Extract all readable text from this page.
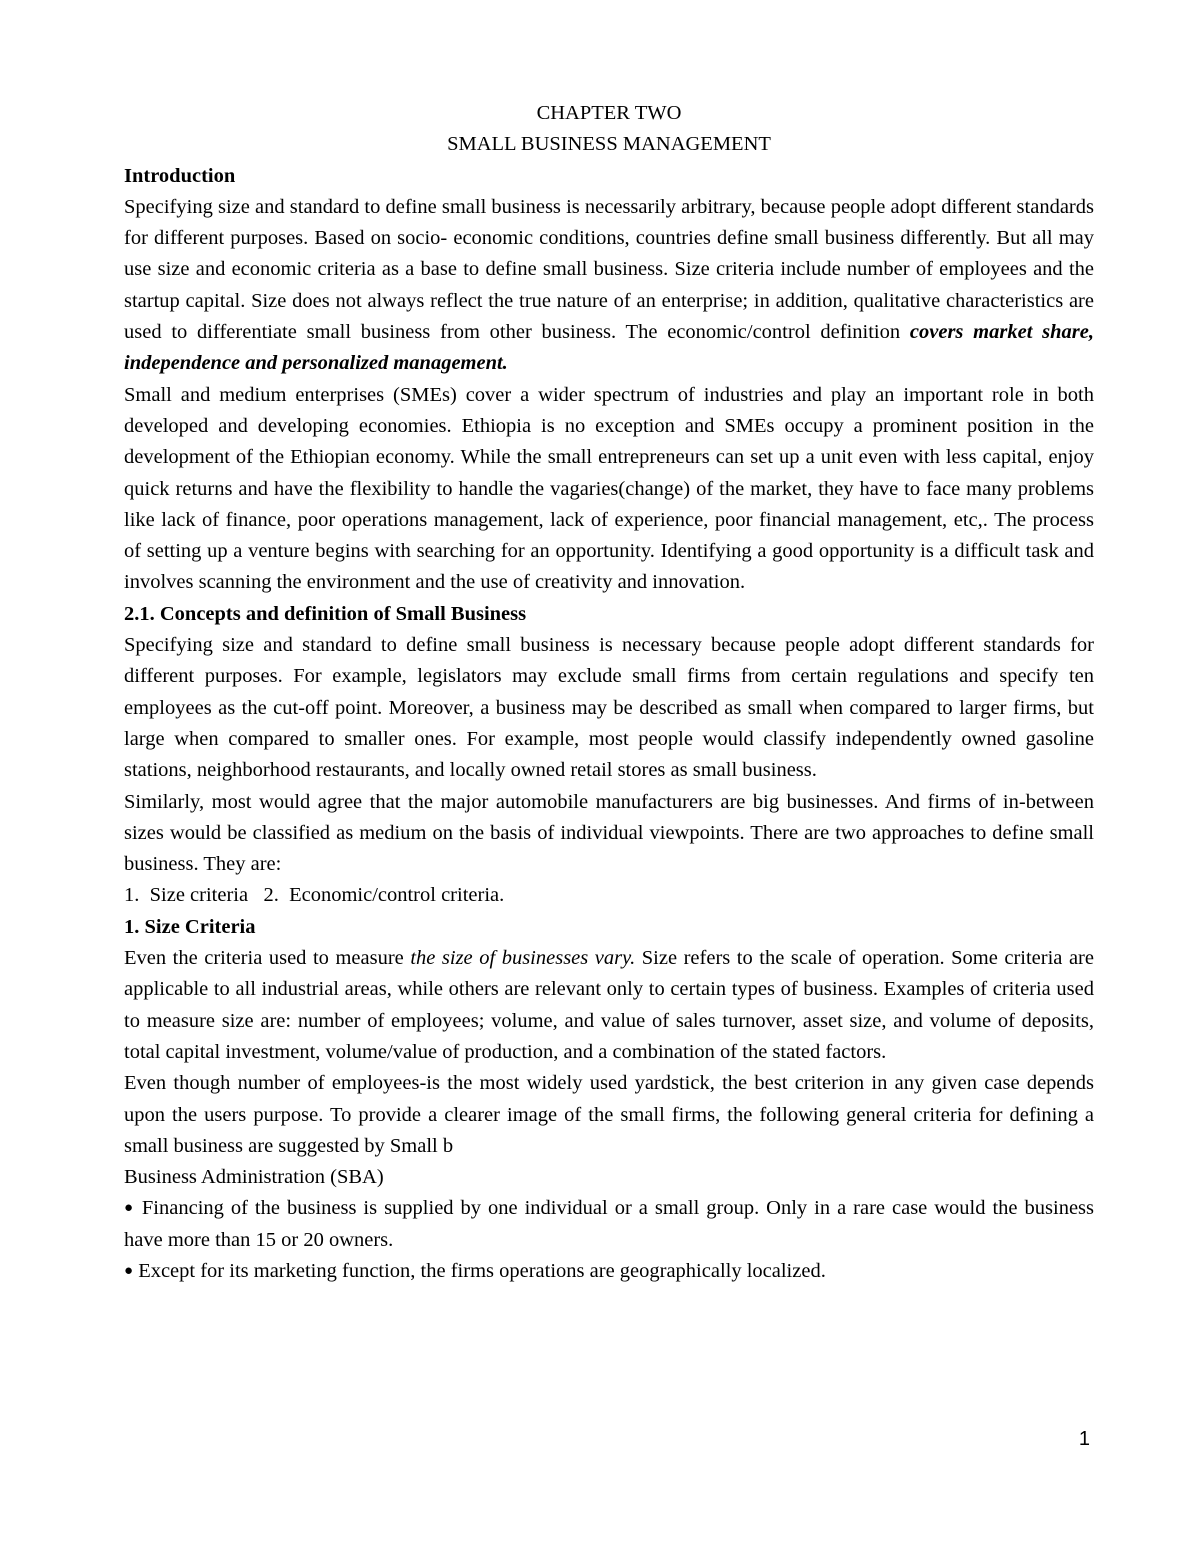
CHAPTER TWO

SMALL BUSINESS MANAGEMENT

Introduction

Specifying size and standard to define small business is necessarily arbitrary, because people adopt different standards for different purposes. Based on socio- economic conditions, countries define small business differently. But all may use size and economic criteria as a base to define small business. Size criteria include number of employees and the startup capital. Size does not always reflect the true nature of an enterprise; in addition, qualitative characteristics are used to differentiate small business from other business. The economic/control definition covers market share, independence and personalized management.

Small and medium enterprises (SMEs) cover a wider spectrum of industries and play an important role in both developed and developing economies. Ethiopia is no exception and SMEs occupy a prominent position in the development of the Ethiopian economy. While the small entrepreneurs can set up a unit even with less capital, enjoy quick returns and have the flexibility to handle the vagaries(change) of the market, they have to face many problems like lack of finance, poor operations management, lack of experience, poor financial management, etc,. The process of setting up a venture begins with searching for an opportunity. Identifying a good opportunity is a difficult task and involves scanning the environment and the use of creativity and innovation.

2.1. Concepts and definition of Small Business

Specifying size and standard to define small business is necessary because people adopt different standards for different purposes. For example, legislators may exclude small firms from certain regulations and specify ten employees as the cut-off point. Moreover, a business may be described as small when compared to larger firms, but large when compared to smaller ones. For example, most people would classify independently owned gasoline stations, neighborhood restaurants, and locally owned retail stores as small business.

Similarly, most would agree that the major automobile manufacturers are big businesses. And firms of in-between sizes would be classified as medium on the basis of individual viewpoints. There are two approaches to define small business. They are:

1.  Size criteria   2.  Economic/control criteria.

1. Size Criteria

Even the criteria used to measure the size of businesses vary. Size refers to the scale of operation. Some criteria are applicable to all industrial areas, while others are relevant only to certain types of business. Examples of criteria used to measure size are: number of employees; volume, and value of sales turnover, asset size, and volume of deposits, total capital investment, volume/value of production, and a combination of the stated factors.

Even though number of employees-is the most widely used yardstick, the best criterion in any given case depends upon the users purpose. To provide a clearer image of the small firms, the following general criteria for defining a small business are suggested by Small b

Business Administration (SBA)

● Financing of the business is supplied by one individual or a small group. Only in a rare case would the business have more than 15 or 20 owners.

● Except for its marketing function, the firms operations are geographically localized.

1
